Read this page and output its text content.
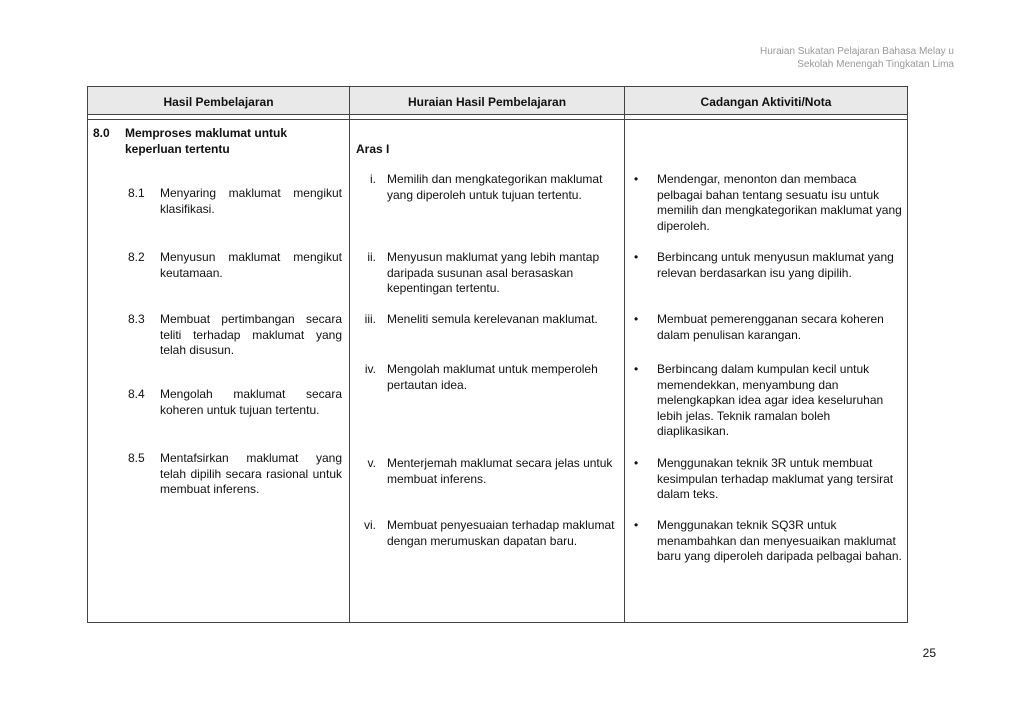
Huraian Sukatan Pelajaran Bahasa Melay u
Sekolah Menengah Tingkatan Lima
Hasil Pembelajaran	Huraian Hasil Pembelajaran	Cadangan Aktiviti/Nota
8.0 Memproses maklumat untuk keperluan tertentu
8.1 Menyaring maklumat mengikut klasifikasi.
8.2 Menyusun maklumat mengikut keutamaan.
8.3 Membuat pertimbangan secara teliti terhadap maklumat yang telah disusun.
8.4 Mengolah maklumat secara koheren untuk tujuan tertentu.
8.5 Mentafsirkan maklumat yang telah dipilih secara rasional untuk membuat inferens.
Aras I
i. Memilih dan mengkategorikan maklumat yang diperoleh untuk tujuan tertentu.
ii. Menyusun maklumat yang lebih mantap daripada susunan asal berasaskan kepentingan tertentu.
iii. Meneliti semula kerelevanan maklumat.
iv. Mengolah maklumat untuk memperoleh pertautan idea.
v. Menterjemah maklumat secara jelas untuk membuat inferens.
vi. Membuat penyesuaian terhadap maklumat dengan merumuskan dapatan baru.
• Mendengar, menonton dan membaca pelbagai bahan tentang sesuatu isu untuk memilih dan mengkategorikan maklumat yang diperoleh.
• Berbincang untuk menyusun maklumat yang relevan berdasarkan isu yang dipilih.
• Membuat pemerengganan secara koheren dalam penulisan karangan.
• Berbincang dalam kumpulan kecil untuk memendekkan, menyambung dan melengkapkan idea agar idea keseluruhan lebih jelas. Teknik ramalan boleh diaplikasikan.
• Menggunakan teknik 3R untuk membuat kesimpulan terhadap maklumat yang tersirat dalam teks.
• Menggunakan teknik SQ3R untuk menambahkan dan menyesuaikan maklumat baru yang diperoleh daripada pelbagai bahan.
25
